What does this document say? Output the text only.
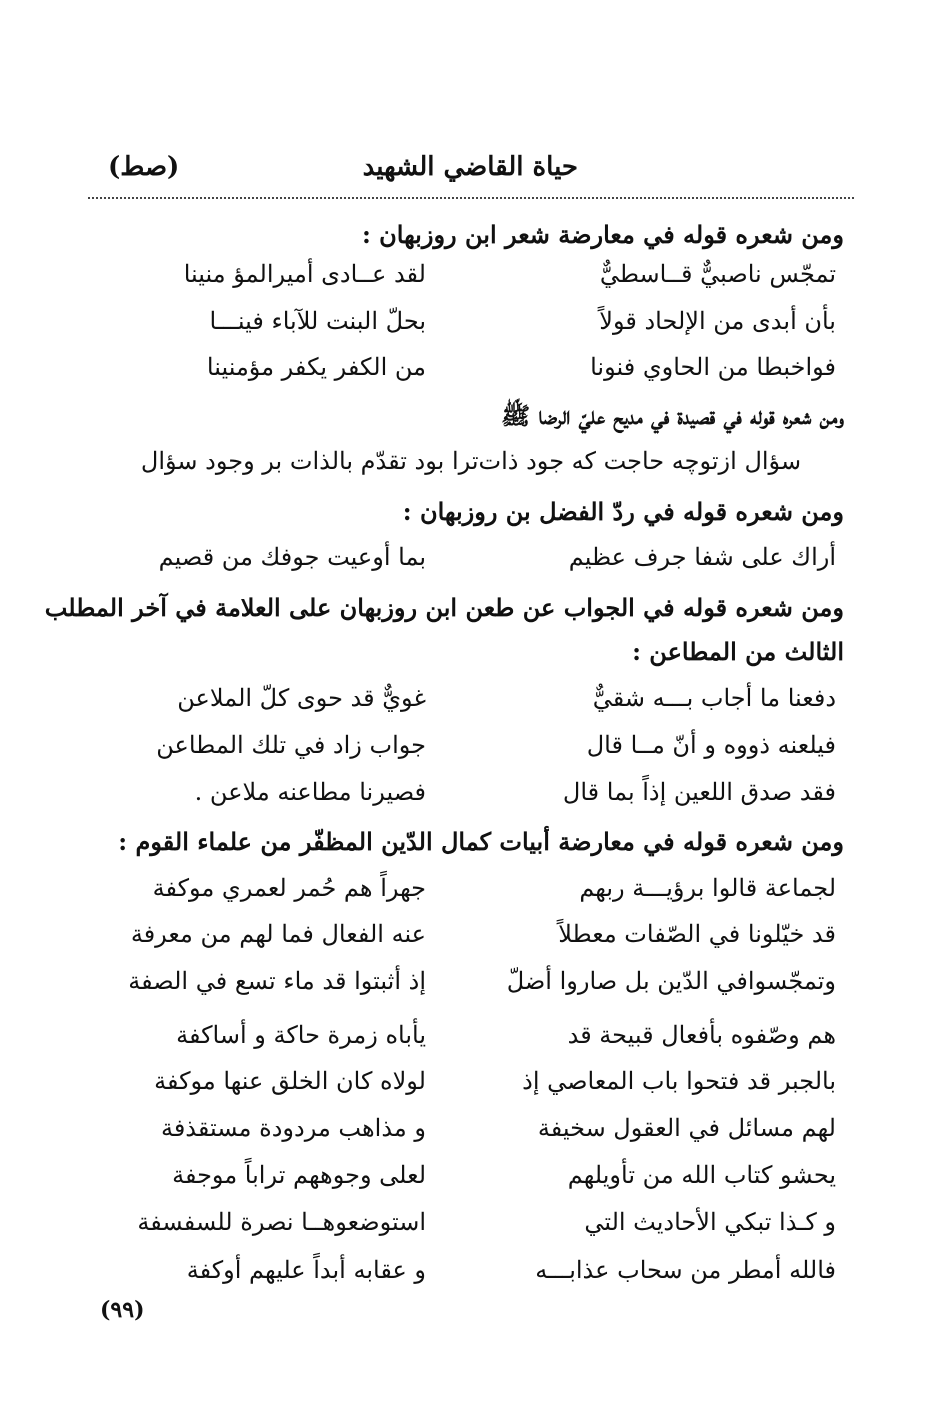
حياة القاضي الشهيد
(صط)
ومن شعره قوله في معارضة شعر ابن روزبهان :
تمجّس ناصبيٌّ قــاسطيٌّ
لقد عــادى أميرالمؤ منينا
بأن أبدى من الإلحاد قولاً
بحلّ البنت للآباء فينـــا
فواخبطا من الحاوي فنونا
من الكفر يكفر مؤمنينا
ومن شعره قوله في قصيدة في مديح عليّ الرضا ﷺ
سؤال ازتوچه حاجت كه جود ذات‌ترا بود تقدّم بالذات بر وجود سؤال
ومن شعره قوله في ردّ الفضل بن روزبهان :
أراك على شفا جرف عظيم
بما أوعيت جوفك من قصيم
ومن شعره قوله في الجواب عن طعن ابن روزبهان على العلامة في آخر المطلب
الثالث من المطاعن :
دفعنا ما أجاب بـــه شقيٌّ
غويٌّ قد حوى كلّ الملاعن
فيلعنه ذووه و أنّ مــا قال
جواب زاد في تلك المطاعن
فقد صدق اللعين إذاً بما قال
فصيرنا مطاعنه ملاعن .
ومن شعره قوله في معارضة أبيات كمال الدّين المظفّر من علماء القوم :
لجماعة قالوا برؤيـــة ربهم
جهراً هم حُمر لعمري موكفة
قد خيّلونا في الصّفات معطلاً
عنه الفعال فما لهم من معرفة
وتمجّسوافي الدّين بل صاروا أضلّ
إذ أثبتوا قد ماء تسع في الصفة
هم وصّفوه بأفعال قبيحة قد
يأباه زمرة حاكة و أساكفة
بالجبر قد فتحوا باب المعاصي إذ
لولاه كان الخلق عنها موكفة
لهم مسائل في العقول سخيفة
و مذاهب مردودة مستقذفة
يحشو كتاب الله من تأويلهم
لعلى وجوههم تراباً موجفة
و كـذا تبكي الأحاديث التي
استوضعوهــا نصرة للسفسفة
فالله أمطر من سحاب عذابـــه
و عقابه أبداً عليهم أوكفة
(٩٩)
